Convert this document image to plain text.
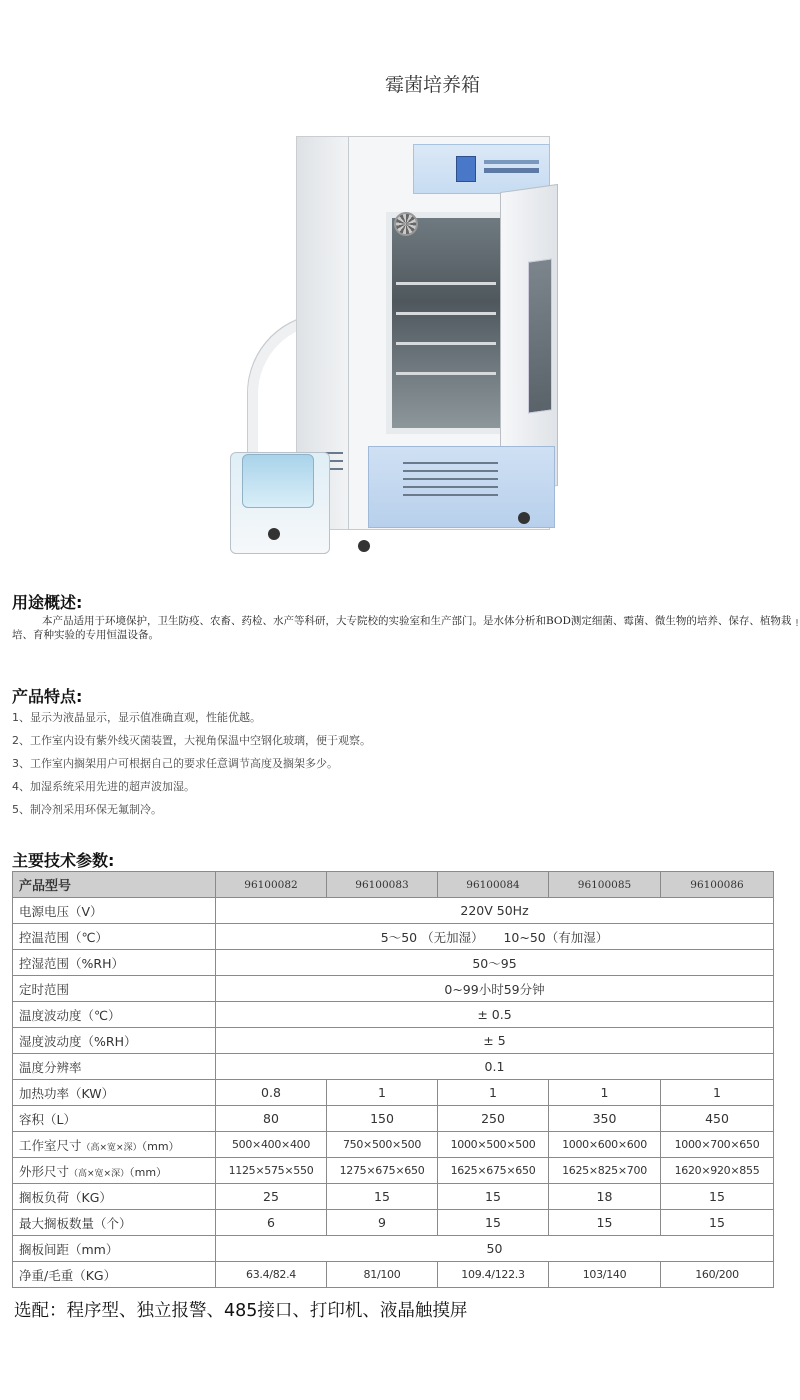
霉菌培养箱
用途概述:
本产品适用于环境保护，卫生防疫、农畜、药检、水产等科研，大专院校的实验室和生产部门。是水体分析和BOD测定细菌、霉菌、微生物的培养、保存、植物栽培、育种实验的专用恒温设备。
!
产品特点:
1、显示为液晶显示，显示值准确直观，性能优越。
2、工作室内设有紫外线灭菌装置，大视角保温中空钢化玻璃，便于观察。
3、工作室内搁架用户可根据自己的要求任意调节高度及搁架多少。
4、加湿系统采用先进的超声波加湿。
5、制冷剂采用环保无氟制冷。
主要技术参数:
产品型号	96100082	96100083	96100084	96100085	96100086
电源电压（V）	220V 50Hz				
控温范围（℃）	5～50 （无加湿）     10~50（有加湿）				
控湿范围（%RH）	50～95				
定时范围	0~99小时59分钟				
温度波动度（℃）	± 0.5				
湿度波动度（%RH）	± 5				
温度分辨率	0.1				
加热功率（KW）	0.8	1	1	1	1
容积（L）	80	150	250	350	450
工作室尺寸（高×宽×深）（mm）	500×400×400	750×500×500	1000×500×500	1000×600×600	1000×700×650
外形尺寸（高×宽×深）（mm）	1125×575×550	1275×675×650	1625×675×650	1625×825×700	1620×920×855
搁板负荷（KG）	25	15	15	18	15
最大搁板数量（个）	6	9	15	15	15
搁板间距（mm）	50				
净重/毛重（KG）	63.4/82.4	81/100	109.4/122.3	103/140	160/200
选配：程序型、独立报警、485接口、打印机、液晶触摸屏
